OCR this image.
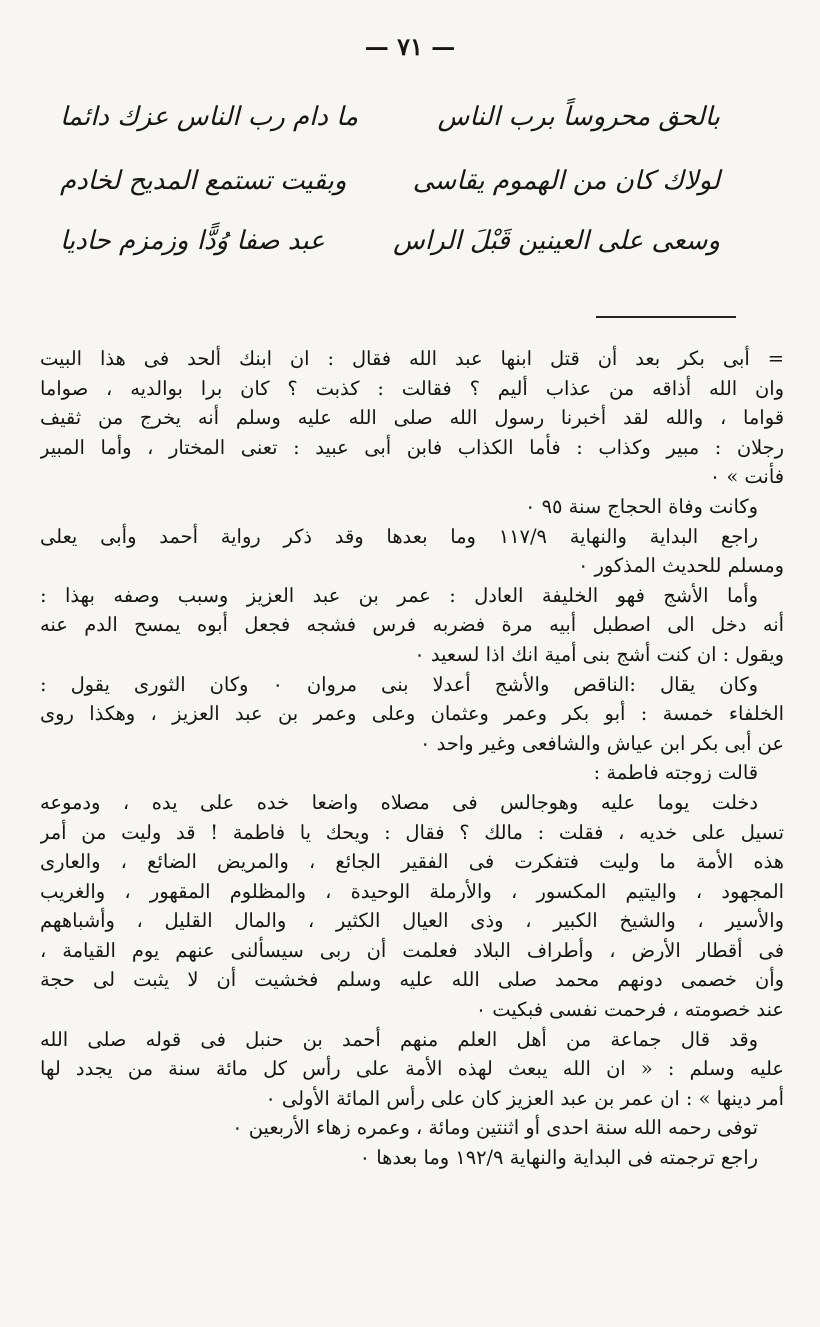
— ٧١ —
ما دام رب الناس عزك دائما	بالحق محروساً برب الناس
وبقيت تستمع المديح لخادم	لولاك كان من الهموم يقاسى
عبد صفا وُدًّا وزمزم حاديا	وسعى على العينين قَبْلَ الراس
= أبى بكر بعد أن قتل ابنها عبد الله فقال : ان ابنك ألحد فى هذا البيت
وان الله أذاقه من عذاب أليم ؟ فقالت : كذبت ؟ كان برا بوالديه ، صواما
قواما ، والله لقد أخبرنا رسول الله صلى الله عليه وسلم أنه يخرج من ثقيف
رجلان : مبير وكذاب : فأما الكذاب فابن أبى عبيد : تعنى المختار ، وأما المبير
فأنت » ٠
وكانت وفاة الحجاج سنة ٩٥ ٠
راجع البداية والنهاية ١١٧/٩ وما بعدها وقد ذكر رواية أحمد وأبى يعلى
ومسلم للحديث المذكور ٠
وأما الأشج فهو الخليفة العادل : عمر بن عبد العزيز وسبب وصفه بهذا :
أنه دخل الى اصطبل أبيه مرة فضربه فرس فشجه فجعل أبوه يمسح الدم عنه
ويقول : ان كنت أشج بنى أمية انك اذا لسعيد ٠
وكان يقال :الناقص والأشج أعدلا بنى مروان ٠ وكان الثورى يقول :
الخلفاء خمسة : أبو بكر وعمر وعثمان وعلى وعمر بن عبد العزيز ، وهكذا روى
عن أبى بكر ابن عياش والشافعى وغير واحد ٠
قالت زوجته فاطمة :
دخلت يوما عليه وهوجالس فى مصلاه واضعا خده على يده ، ودموعه
تسيل على خديه ، فقلت : مالك ؟ فقال : ويحك يا فاطمة ! قد وليت من أمر
هذه الأمة ما وليت فتفكرت فى الفقير الجائع ، والمريض الضائع ، والعارى
المجهود ، واليتيم المكسور ، والأرملة الوحيدة ، والمظلوم المقهور ، والغريب
والأسير ، والشيخ الكبير ، وذى العيال الكثير ، والمال القليل ، وأشباههم
فى أقطار الأرض ، وأطراف البلاد فعلمت أن ربى سيسألنى عنهم يوم القيامة ،
وأن خصمى دونهم محمد صلى الله عليه وسلم فخشيت أن لا يثبت لى حجة
عند خصومته ، فرحمت نفسى فبكيت ٠
وقد قال جماعة من أهل العلم منهم أحمد بن حنبل فى قوله صلى الله
عليه وسلم : « ان الله يبعث لهذه الأمة على رأس كل مائة سنة من يجدد لها
أمر دينها » : ان عمر بن عبد العزيز كان على رأس المائة الأولى ٠
توفى رحمه الله سنة احدى أو اثنتين ومائة ، وعمره زهاء الأربعين ٠
راجع ترجمته فى البداية والنهاية ١٩٢/٩ وما بعدها ٠
